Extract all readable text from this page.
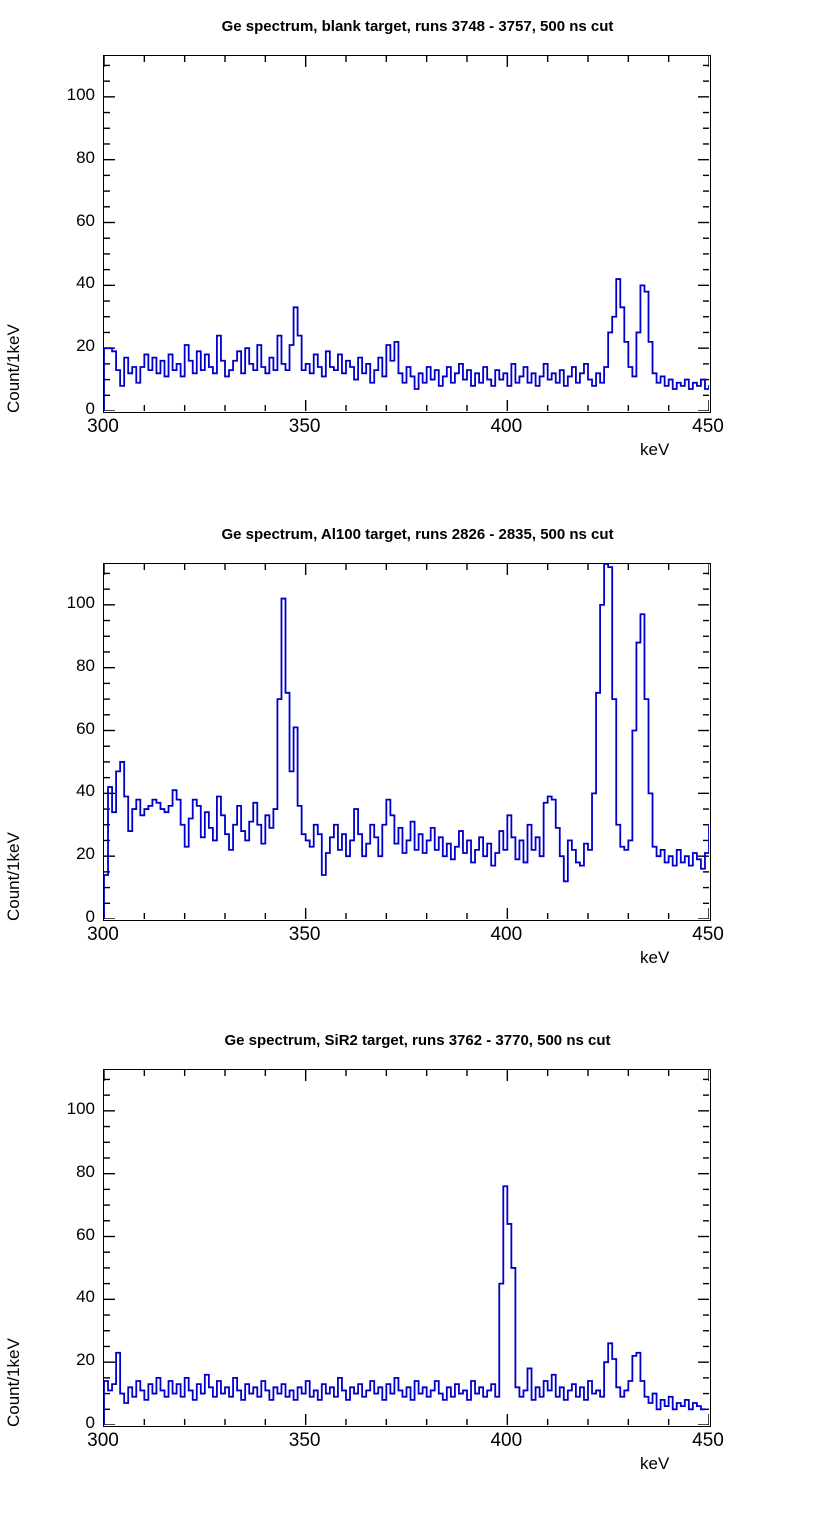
Ge spectrum, blank target, runs 3748 - 3757, 500 ns cut
Count/1keV
keV
0
20
40
60
80
100
300	350	400	450
Ge spectrum, Al100 target, runs 2826 - 2835, 500 ns cut
Count/1keV
keV
0
20
40
60
80
100
300	350	400	450
Ge spectrum, SiR2 target, runs 3762 - 3770, 500 ns cut
Count/1keV
keV
0
20
40
60
80
100
300	350	400	450
